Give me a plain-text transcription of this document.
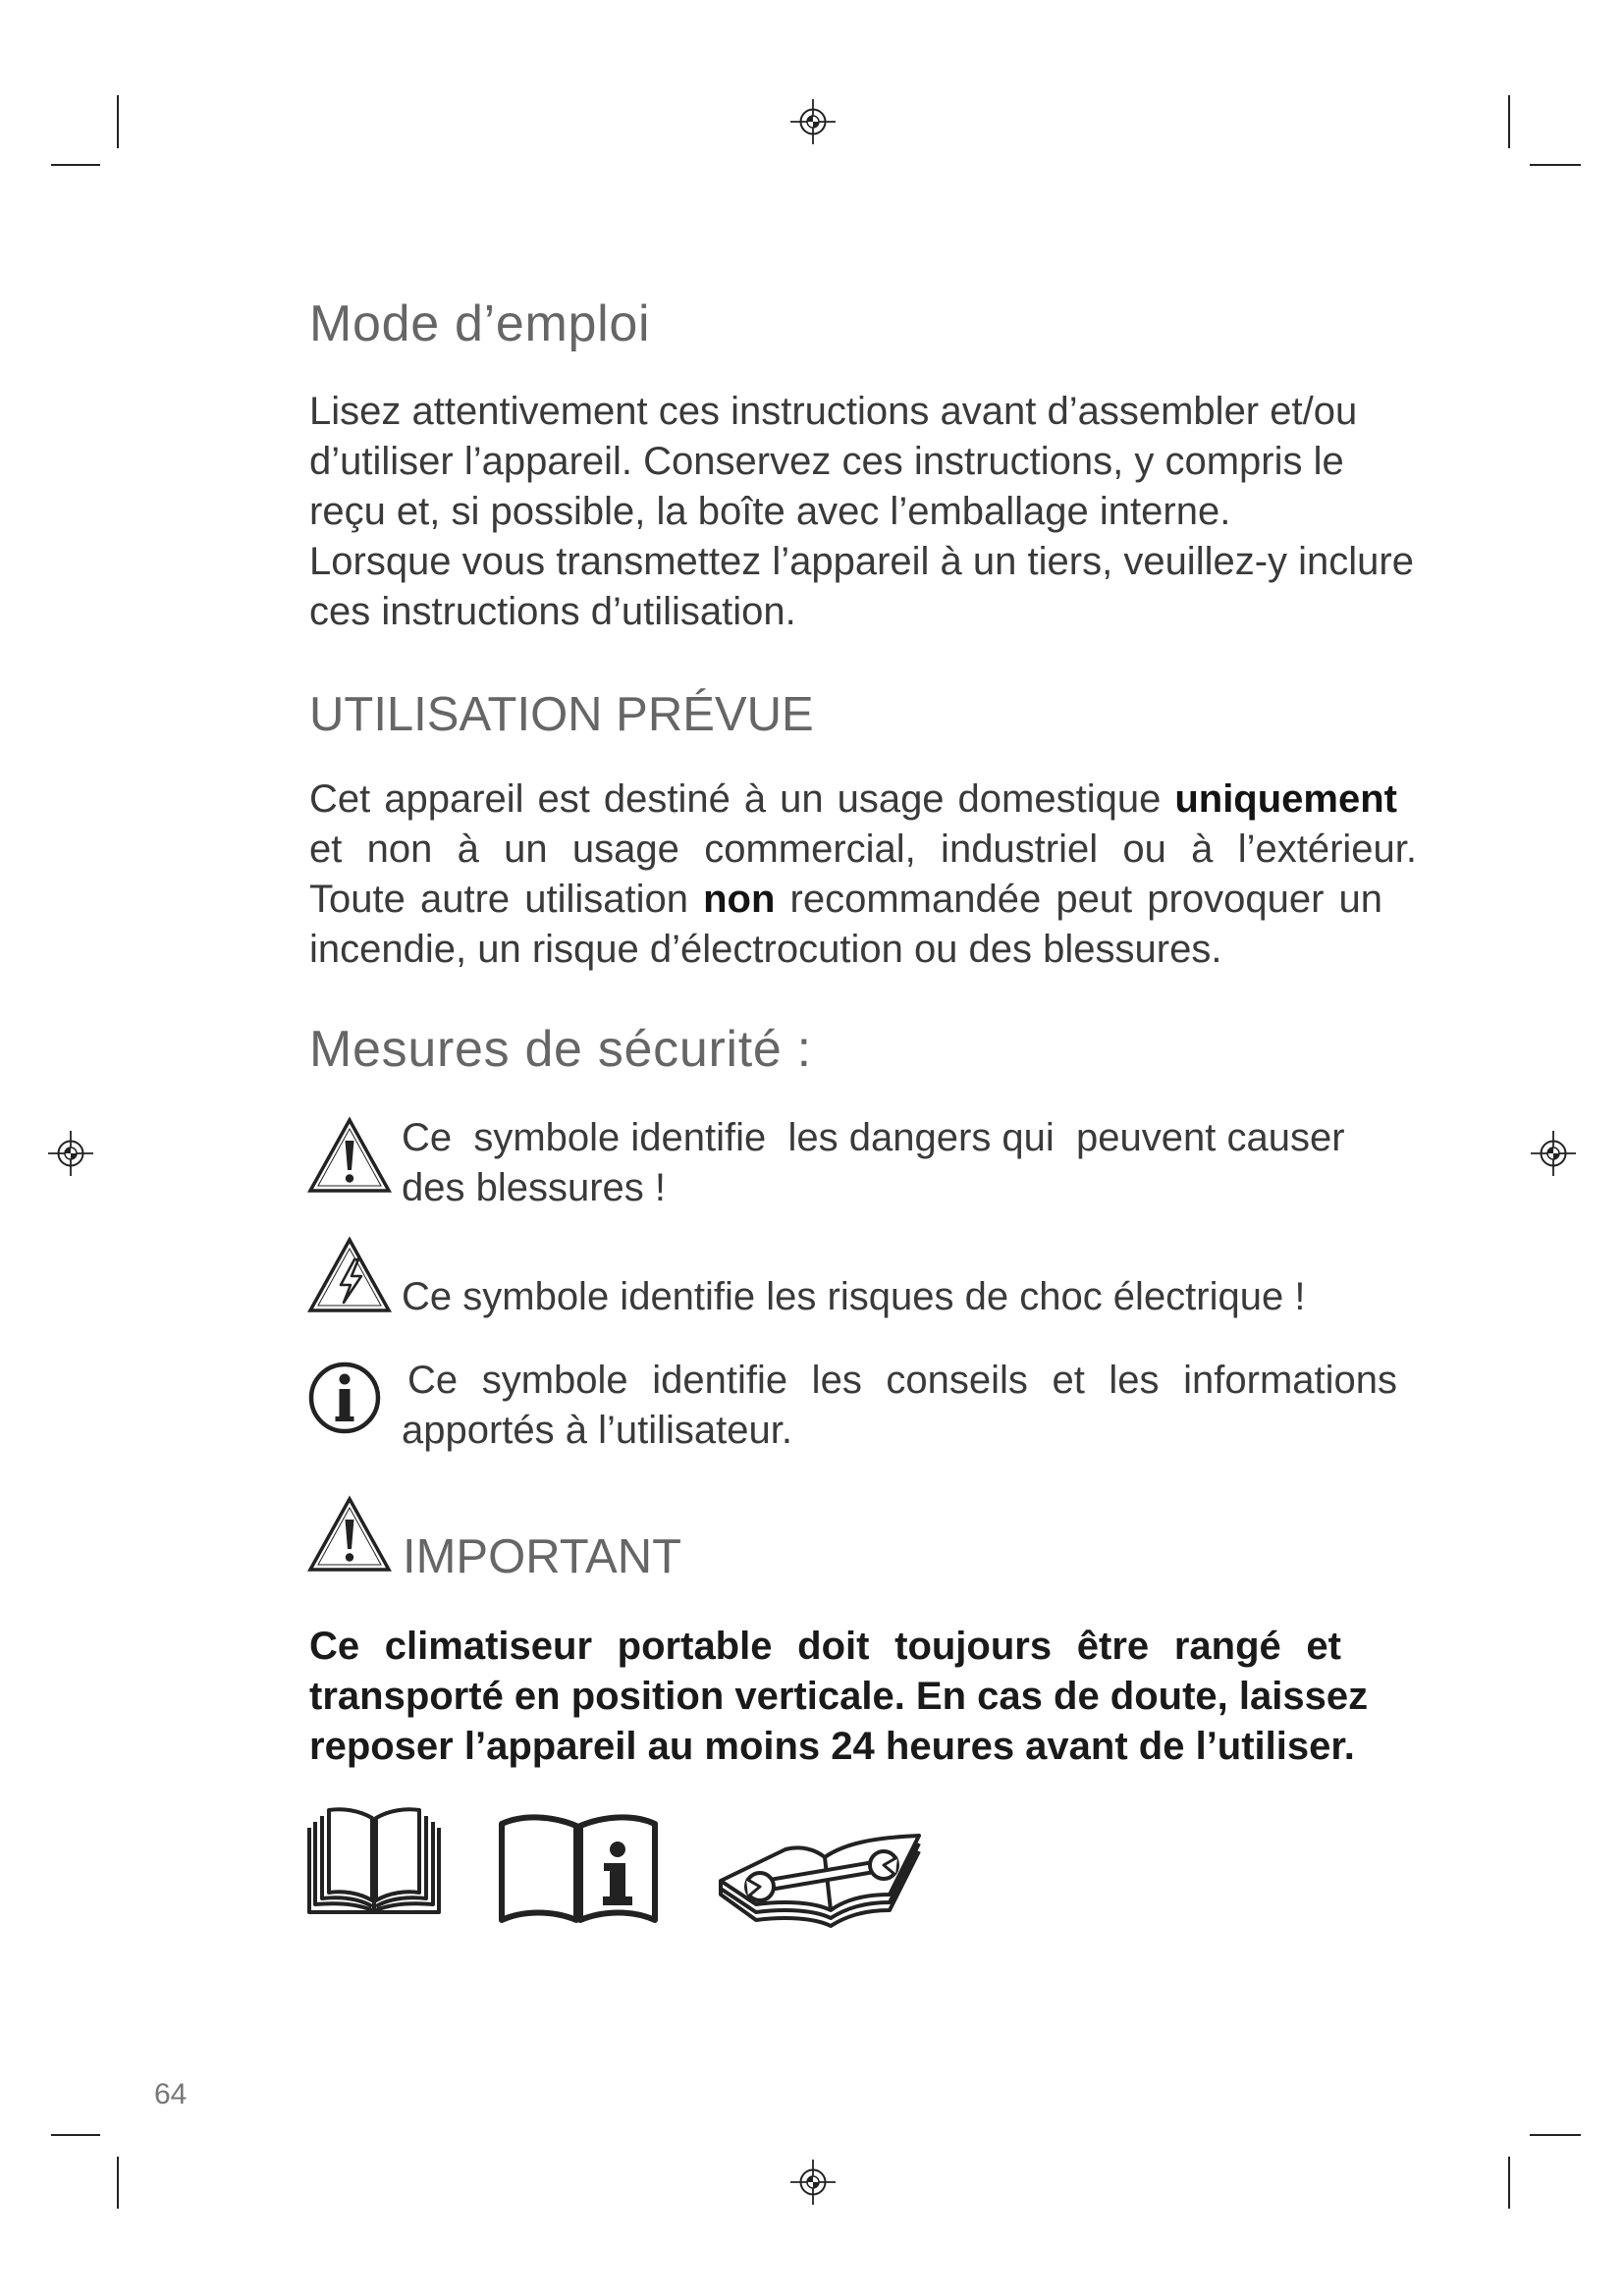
Mode d’emploi
Lisez attentivement ces instructions avant d’assembler et/ou
d’utiliser l’appareil. Conservez ces instructions, y compris le
reçu et, si possible, la boîte avec l’emballage interne.
Lorsque vous transmettez l’appareil à un tiers, veuillez-y inclure
ces instructions d’utilisation.
UTILISATION PRÉVUE
Cet appareil est destiné à un usage domestique uniquement
et non à un usage commercial, industriel ou à l’extérieur.
Toute autre utilisation non recommandée peut provoquer un
incendie, un risque d’électrocution ou des blessures.
Mesures de sécurité :
Ce  symbole identifie  les dangers qui  peuvent causer
des blessures !
Ce symbole identifie les risques de choc électrique !
Ce symbole identifie les conseils et les informations
apportés à l’utilisateur.
IMPORTANT
Ce climatiseur portable doit toujours être rangé et
transporté en position verticale. En cas de doute, laissez
reposer l’appareil au moins 24 heures avant de l’utiliser.
64
